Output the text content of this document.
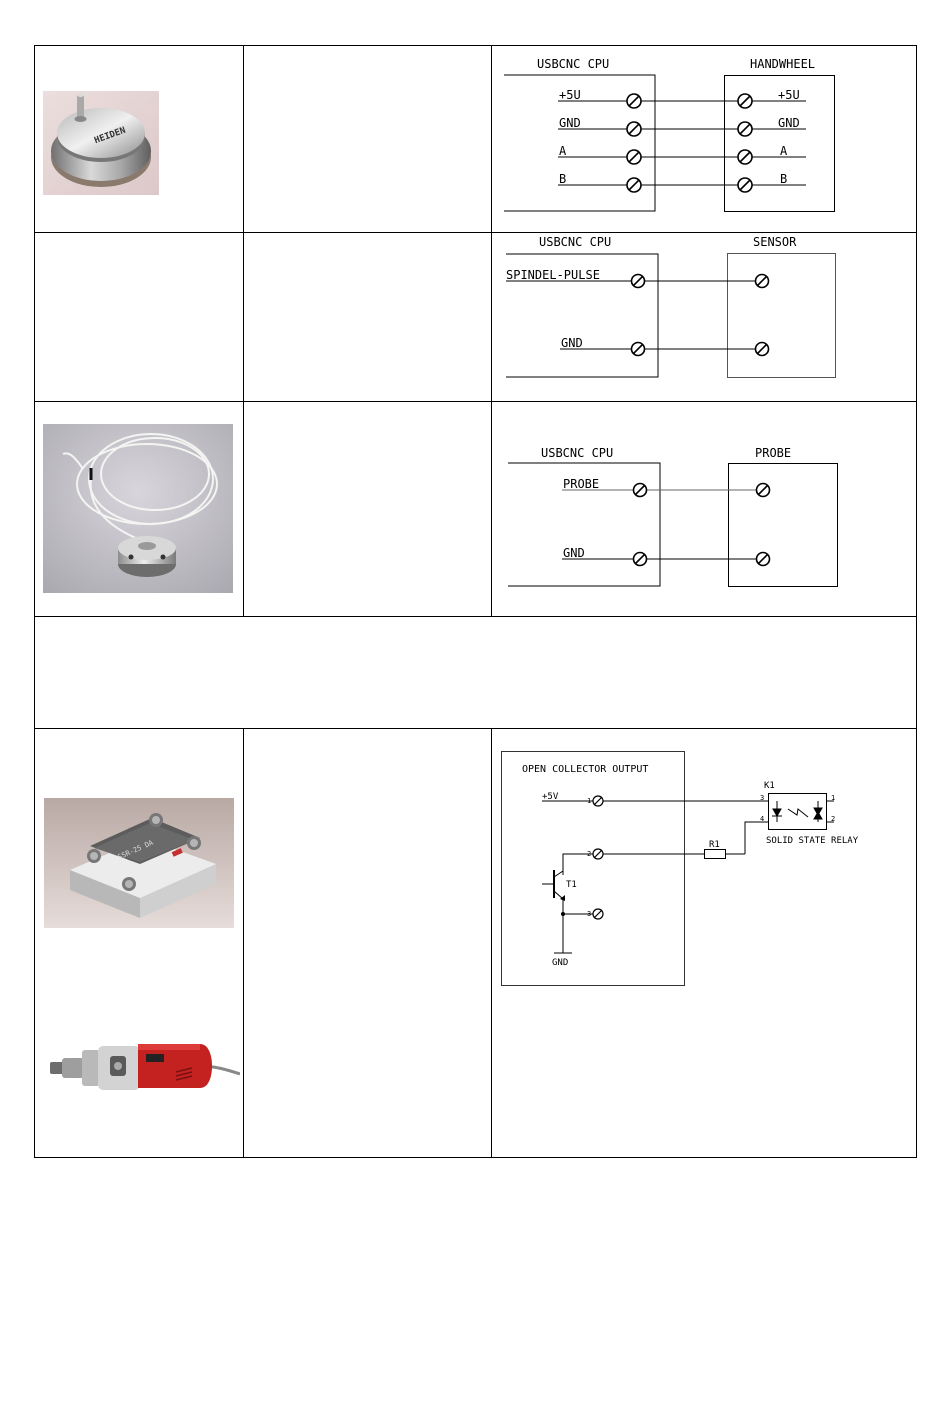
HEIDEN
USBCNC CPU	HANDWHEEL
+5U
GND
A
B
+5U
GND
A
B
USBCNC CPU	SENSOR
SPINDEL-PULSE
GND
USBCNC CPU	PROBE
PROBE
GND
SSR-25 DA
OPEN COLLECTOR OUTPUT
+5V	1
2
3
T1
GND
R1
K1
3
4
1
2
SOLID STATE RELAY
